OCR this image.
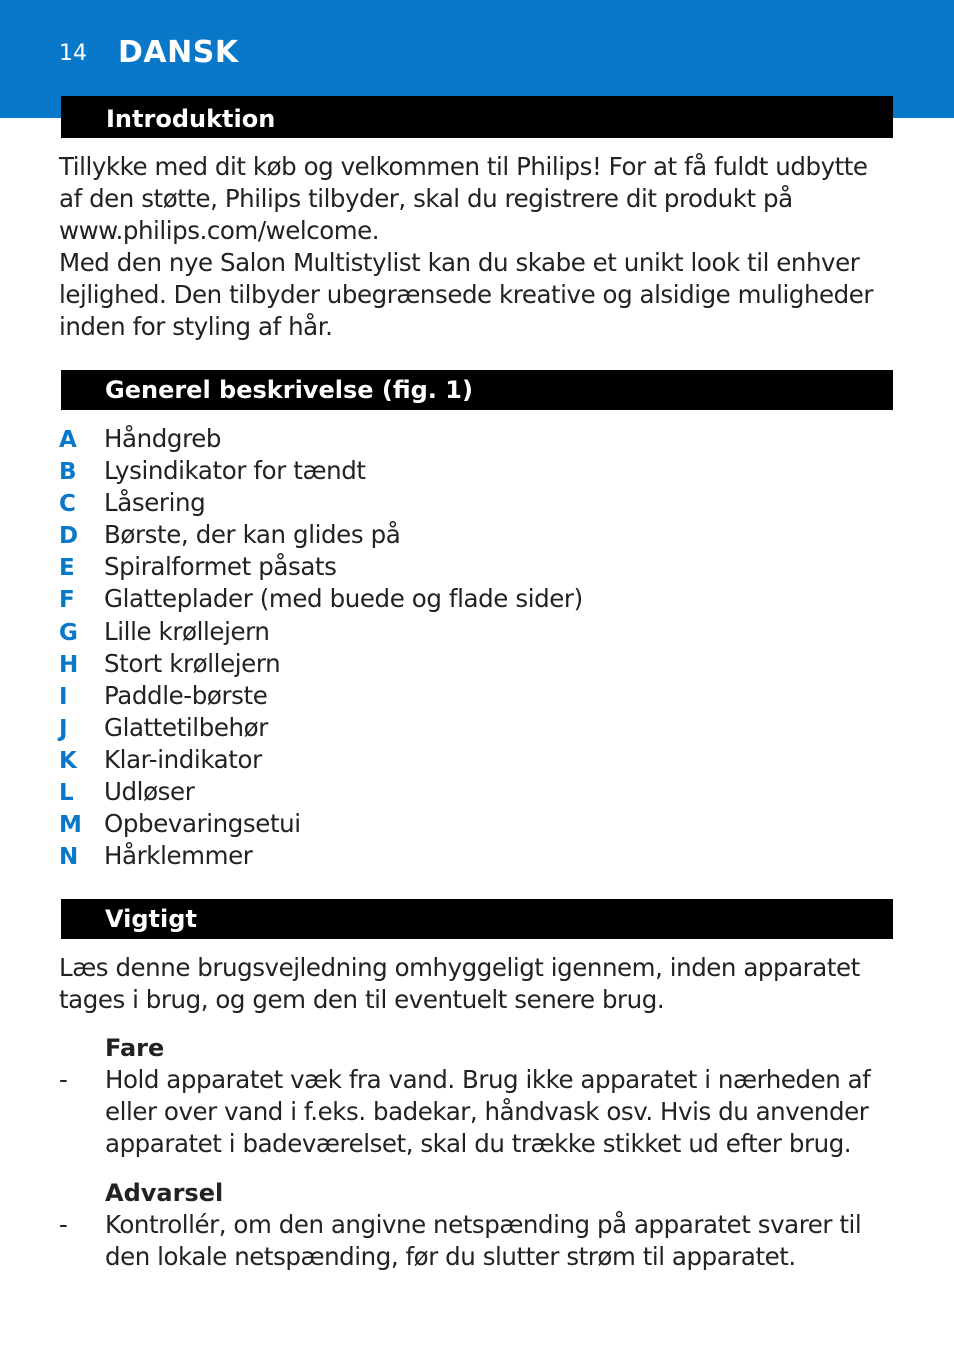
14 DANSK
Introduktion

Tillykke med dit køb og velkommen til Philips! For at få fuldt udbytte af den støtte, Philips tilbyder, skal du registrere dit produkt på www.philips.com/welcome.

Med den nye Salon Multistylist kan du skabe et unikt look til enhver lejlighed. Den tilbyder ubegrænsede kreative og alsidige muligheder inden for styling af hår.

Generel beskrivelse (fig. 1)
A Håndgreb
B Lysindikator for tændt
C Låsering
D Børste, der kan glides på
E Spiralformet påsats
F Glatteplader (med buede og flade sider)
G Lille krøllejern
H Stort krøllejern
I Paddle-børste
J Glattetilbehør
K Klar-indikator
L Udløser
M Opbevaringsetui
N Hårklemmer
Vigtigt
Læs denne brugsvejledning omhyggeligt igennem, inden apparatet tages i brug, og gem den til eventuelt senere brug.
Fare
-	Hold apparatet væk fra vand. Brug ikke apparatet i nærheden af eller over vand i f.eks. badekar, håndvask osv. Hvis du anvender apparatet i badeværelset, skal du trække stikket ud efter brug.
Advarsel
-	Kontrollér, om den angivne netspænding på apparatet svarer til den lokale netspænding, før du slutter strøm til apparatet.
